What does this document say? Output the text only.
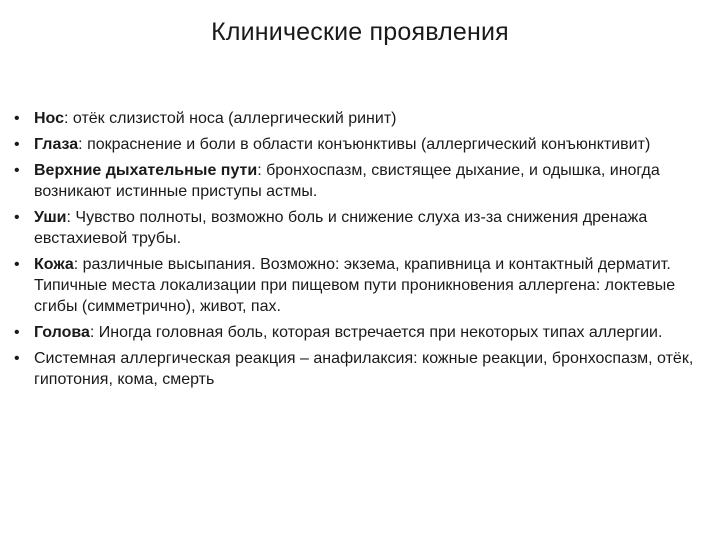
Клинические проявления
• Нос: отёк слизистой носа (аллергический ринит)
• Глаза: покраснение и боли в области конъюнктивы (аллергический конъюнктивит)
• Верхние дыхательные пути: бронхоспазм, свистящее дыхание, и одышка, иногда возникают истинные приступы астмы.
• Уши: Чувство полноты, возможно боль и снижение слуха из-за снижения дренажа евстахиевой трубы.
• Кожа: различные высыпания. Возможно: экзема, крапивница и контактный дерматит. Типичные места локализации при пищевом пути проникновения аллергена: локтевые сгибы (симметрично), живот, пах.
• Голова: Иногда головная боль, которая встречается при некоторых типах аллергии.
• Системная аллергическая реакция – анафилаксия: кожные реакции, бронхоспазм, отёк, гипотония, кома, смерть
